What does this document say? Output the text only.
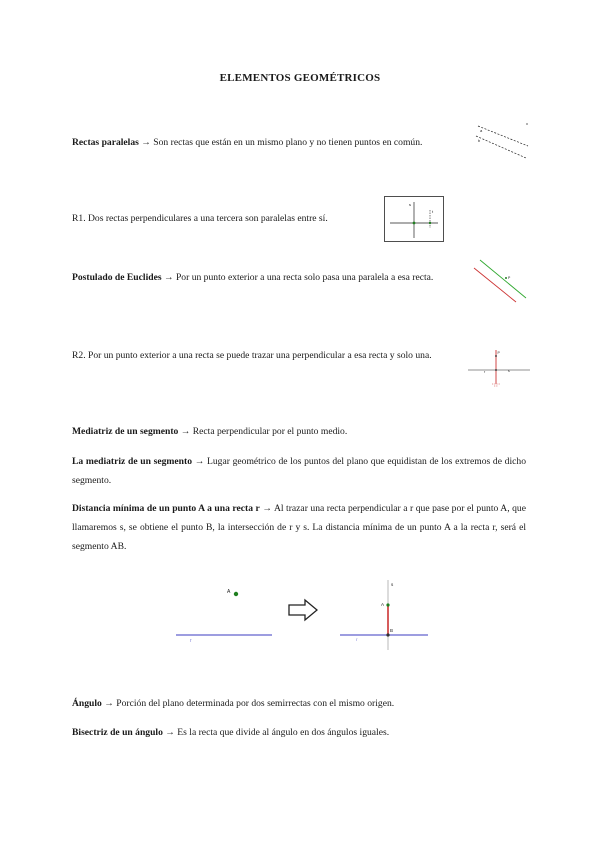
ELEMENTOS GEOMÉTRICOS

Rectas paralelas → Son rectas que están en un mismo plano y no tienen puntos en común.

a
b

R1. Dos rectas perpendiculares a una tercera son paralelas entre sí.

s
t

Postulado de Euclides → Por un punto exterior a una recta solo pasa una paralela a esa recta.	P

R2. Por un punto exterior a una recta se puede trazar una perpendicular a esa recta y solo una.	P
r	s

Mediatriz de un segmento → Recta perpendicular por el punto medio.

La mediatriz de un segmento → Lugar geométrico de los puntos del plano que equidistan de los extremos de dicho segmento.

Distancia mínima de un punto A a una recta r → Al trazar una recta perpendicular a r que pase por el punto A, que llamaremos s, se obtiene el punto B, la intersección de r y s. La distancia mínima de un punto A a la recta r, será el segmento AB.

A
r
A
B
s
r

Ángulo → Porción del plano determinada por dos semirrectas con el mismo origen.

Bisectriz de un ángulo → Es la recta que divide al ángulo en dos ángulos iguales.
